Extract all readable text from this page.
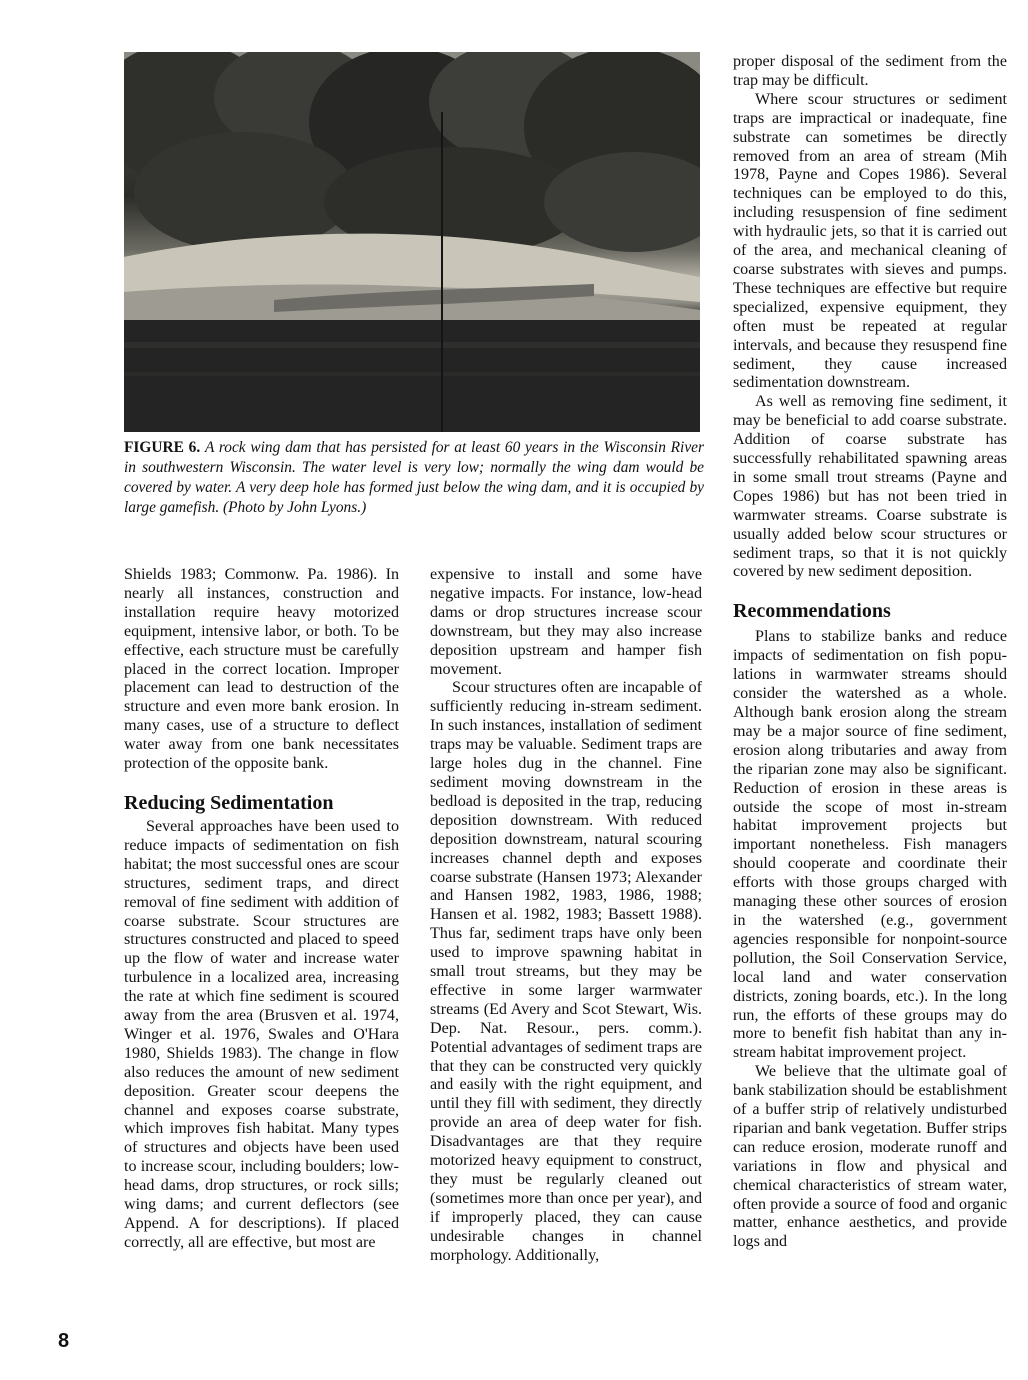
FIGURE 6. A rock wing dam that has persisted for at least 60 years in the Wisconsin River in southwestern Wisconsin. The water level is very low; normally the wing dam would be covered by water. A very deep hole has formed just below the wing dam, and it is occupied by large gamefish. (Photo by John Lyons.)

Shields 1983; Commonw. Pa. 1986). In nearly all instances, construction and installation require heavy motorized equipment, intensive labor, or both. To be effective, each structure must be carefully placed in the correct location. Improper placement can lead to destruction of the structure and even more bank erosion. In many cases, use of a structure to deflect water away from one bank necessitates protection of the opposite bank.

Reducing Sedimentation

Several approaches have been used to reduce impacts of sedimentation on fish habitat; the most successful ones are scour structures, sediment traps, and direct removal of fine sediment with addition of coarse substrate. Scour structures are structures constructed and placed to speed up the flow of water and increase water turbulence in a localized area, increasing the rate at which fine sediment is scoured away from the area (Brusven et al. 1974, Winger et al. 1976, Swales and O'Hara 1980, Shields 1983). The change in flow also reduces the amount of new sediment deposition. Greater scour deepens the channel and exposes coarse substrate, which improves fish habitat. Many types of structures and objects have been used to increase scour, including boulders; low-head dams, drop structures, or rock sills; wing dams; and current deflectors (see Append. A for descriptions). If placed correctly, all are effective, but most are

expensive to install and some have negative impacts. For instance, low-head dams or drop structures increase scour downstream, but they may also increase deposition upstream and hamper fish movement.

Scour structures often are incapable of sufficiently reducing in-stream sediment. In such instances, installation of sediment traps may be valuable. Sediment traps are large holes dug in the channel. Fine sediment moving downstream in the bedload is deposited in the trap, reducing deposition downstream. With reduced deposition downstream, natural scouring increases channel depth and exposes coarse substrate (Hansen 1973; Alexander and Hansen 1982, 1983, 1986, 1988; Hansen et al. 1982, 1983; Bassett 1988). Thus far, sediment traps have only been used to improve spawning habitat in small trout streams, but they may be effective in some larger warmwater streams (Ed Avery and Scot Stewart, Wis. Dep. Nat. Resour., pers. comm.). Potential advantages of sediment traps are that they can be constructed very quickly and easily with the right equipment, and until they fill with sediment, they directly provide an area of deep water for fish. Disadvantages are that they require motorized heavy equipment to construct, they must be regularly cleaned out (sometimes more than once per year), and if improperly placed, they can cause undesirable changes in channel morphology. Additionally,

proper disposal of the sediment from the trap may be difficult.

Where scour structures or sediment traps are impractical or inadequate, fine substrate can sometimes be directly removed from an area of stream (Mih 1978, Payne and Copes 1986). Several techniques can be employed to do this, including resuspension of fine sediment with hydraulic jets, so that it is carried out of the area, and mechanical cleaning of coarse substrates with sieves and pumps. These techniques are effective but require specialized, expensive equipment, they often must be repeated at regular intervals, and because they resuspend fine sediment, they cause increased sedimentation downstream.

As well as removing fine sediment, it may be beneficial to add coarse substrate. Addition of coarse substrate has successfully rehabilitated spawning areas in some small trout streams (Payne and Copes 1986) but has not been tried in warmwater streams. Coarse substrate is usually added below scour structures or sediment traps, so that it is not quickly covered by new sediment deposition.

Recommendations

Plans to stabilize banks and reduce impacts of sedimentation on fish populations in warmwater streams should consider the watershed as a whole. Although bank erosion along the stream may be a major source of fine sediment, erosion along tributaries and away from the riparian zone may also be significant. Reduction of erosion in these areas is outside the scope of most in-stream habitat improvement projects but important nonetheless. Fish managers should cooperate and coordinate their efforts with those groups charged with managing these other sources of erosion in the watershed (e.g., government agencies responsible for nonpoint-source pollution, the Soil Conservation Service, local land and water conservation districts, zoning boards, etc.). In the long run, the efforts of these groups may do more to benefit fish habitat than any in-stream habitat improvement project.

We believe that the ultimate goal of bank stabilization should be establishment of a buffer strip of relatively undisturbed riparian and bank vegetation. Buffer strips can reduce erosion, moderate runoff and variations in flow and physical and chemical characteristics of stream water, often provide a source of food and organic matter, enhance aesthetics, and provide logs and

8
